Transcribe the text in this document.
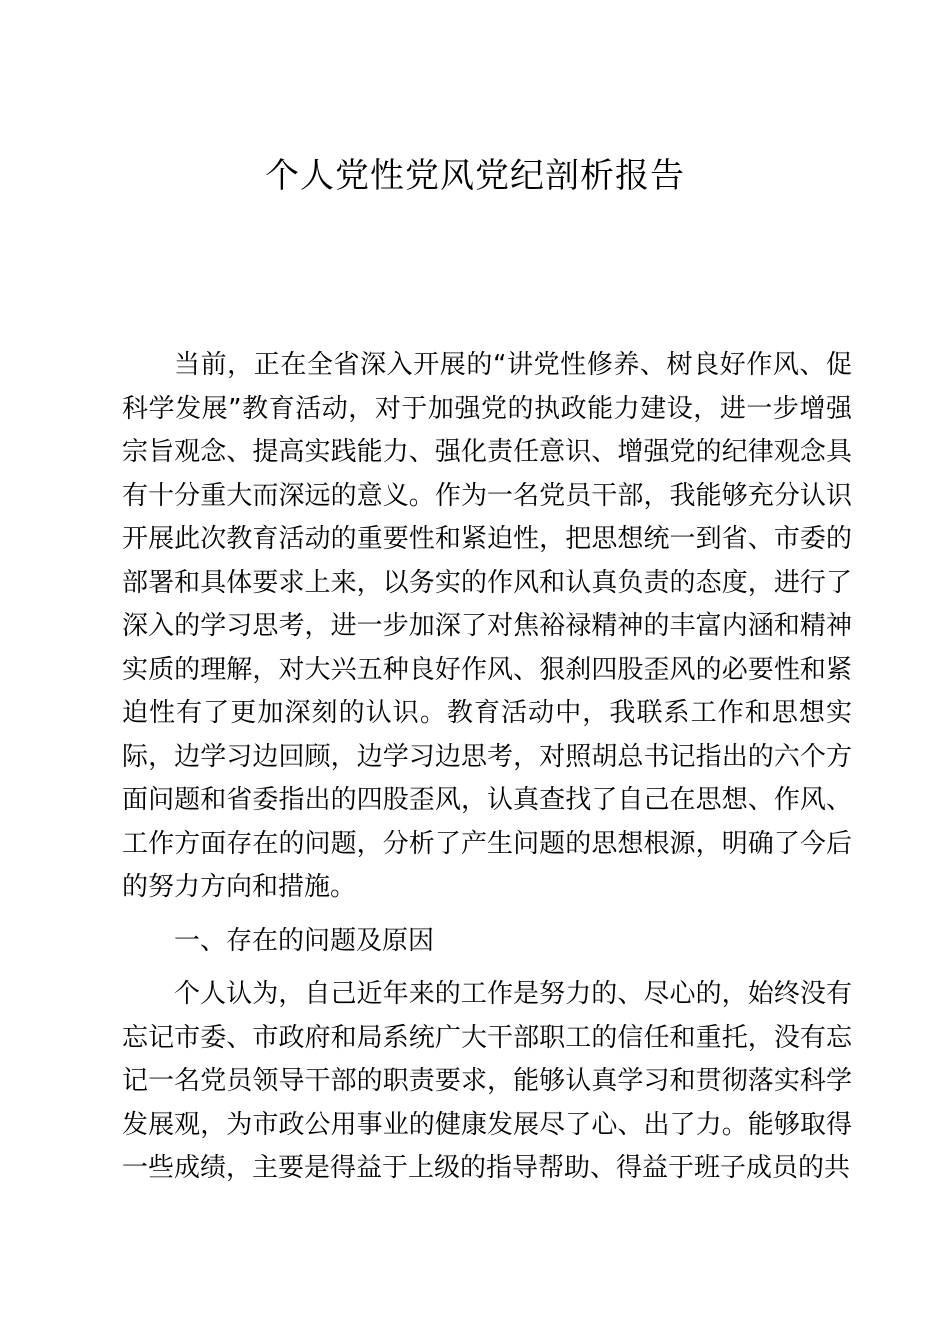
个人党性党风党纪剖析报告

当前，正在全省深入开展的“讲党性修养、树良好作风、促科学发展”教育活动，对于加强党的执政能力建设，进一步增强宗旨观念、提高实践能力、强化责任意识、增强党的纪律观念具有十分重大而深远的意义。作为一名党员干部，我能够充分认识开展此次教育活动的重要性和紧迫性，把思想统一到省、市委的部署和具体要求上来，以务实的作风和认真负责的态度，进行了深入的学习思考，进一步加深了对焦裕禄精神的丰富内涵和精神实质的理解，对大兴五种良好作风、狠刹四股歪风的必要性和紧迫性有了更加深刻的认识。教育活动中，我联系工作和思想实际，边学习边回顾，边学习边思考，对照胡总书记指出的六个方面问题和省委指出的四股歪风，认真查找了自己在思想、作风、工作方面存在的问题，分析了产生问题的思想根源，明确了今后的努力方向和措施。

一、存在的问题及原因

个人认为，自己近年来的工作是努力的、尽心的，始终没有忘记市委、市政府和局系统广大干部职工的信任和重托，没有忘记一名党员领导干部的职责要求，能够认真学习和贯彻落实科学发展观，为市政公用事业的健康发展尽了心、出了力。能够取得一些成绩，主要是得益于上级的指导帮助、得益于班子成员的共
